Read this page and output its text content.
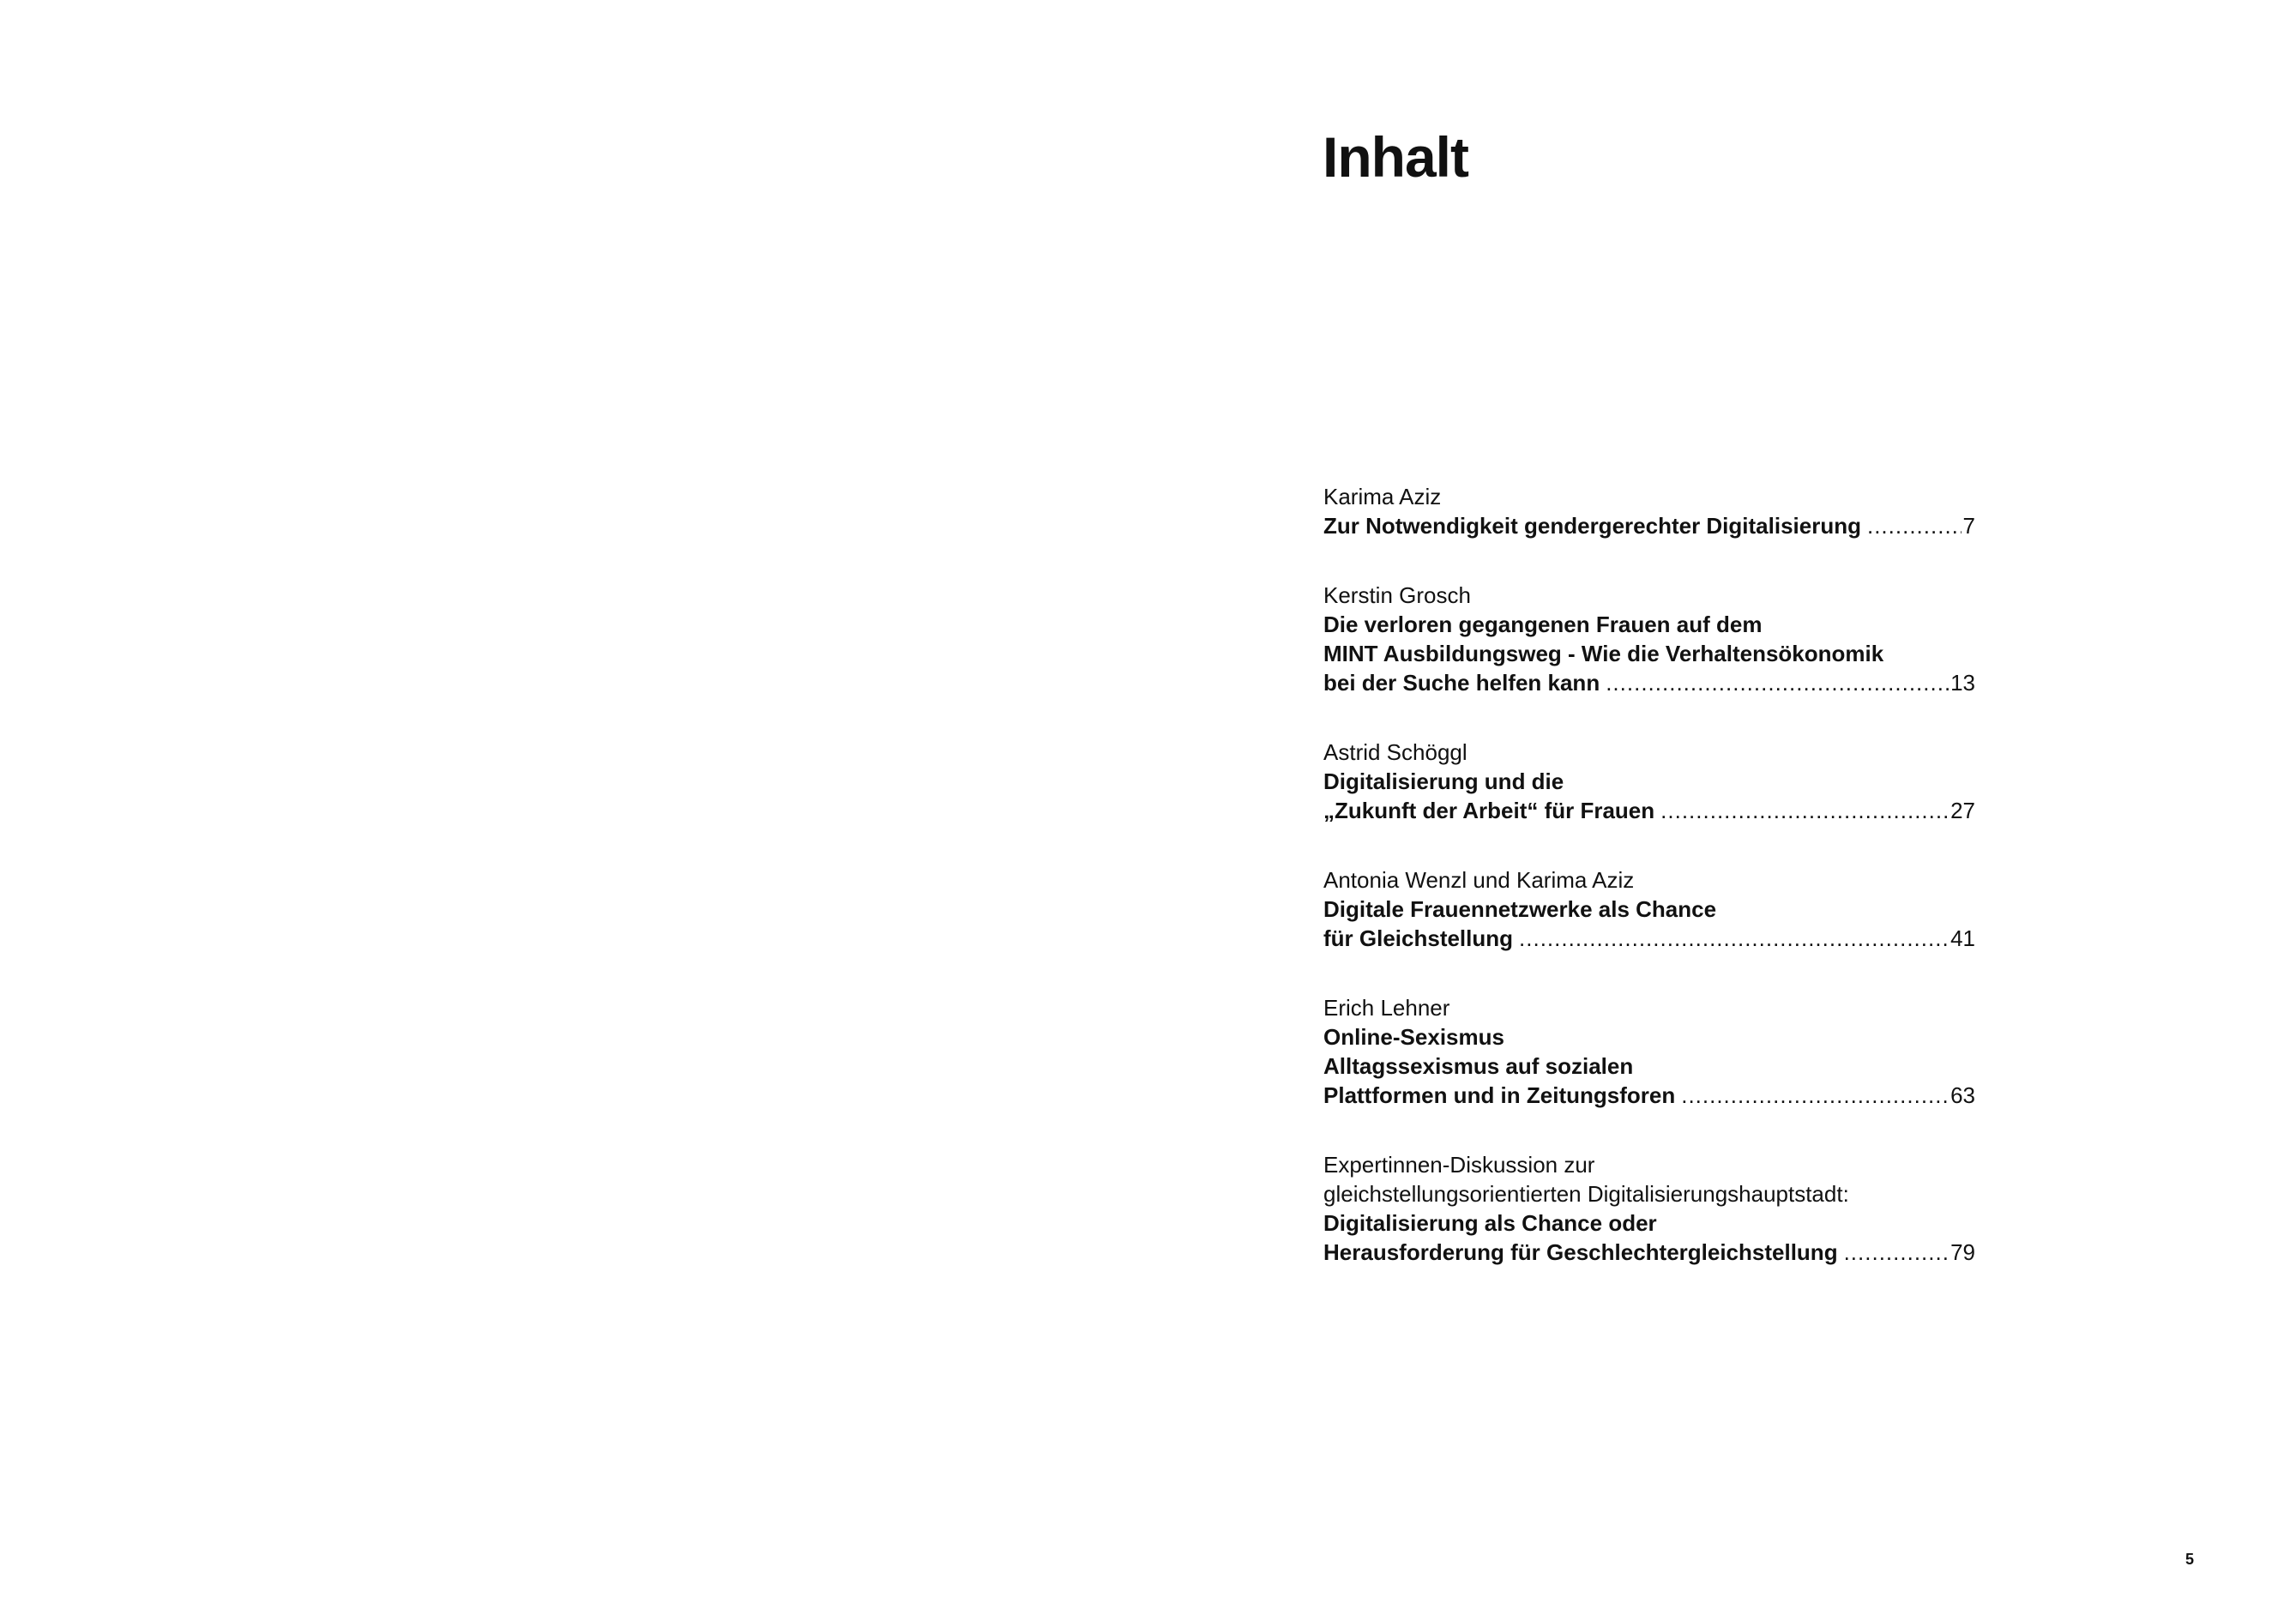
Inhalt
Karima Aziz
Zur Notwendigkeit gendergerechter Digitalisierung .....	7
Kerstin Grosch
Die verloren gegangenen Frauen auf dem
MINT Ausbildungsweg - Wie die Verhaltensökonomik
bei der Suche helfen kann .....	13
Astrid Schöggl
Digitalisierung und die
„Zukunft der Arbeit“ für Frauen .....	27
Antonia Wenzl und Karima Aziz
Digitale Frauennetzwerke als Chance
für Gleichstellung .....	41
Erich Lehner
Online-Sexismus
Alltagssexismus auf sozialen
Plattformen und in Zeitungsforen .....	63
Expertinnen-Diskussion zur
gleichstellungsorientierten Digitalisierungshauptstadt:
Digitalisierung als Chance oder
Herausforderung für Geschlechtergleichstellung .....	79
5
